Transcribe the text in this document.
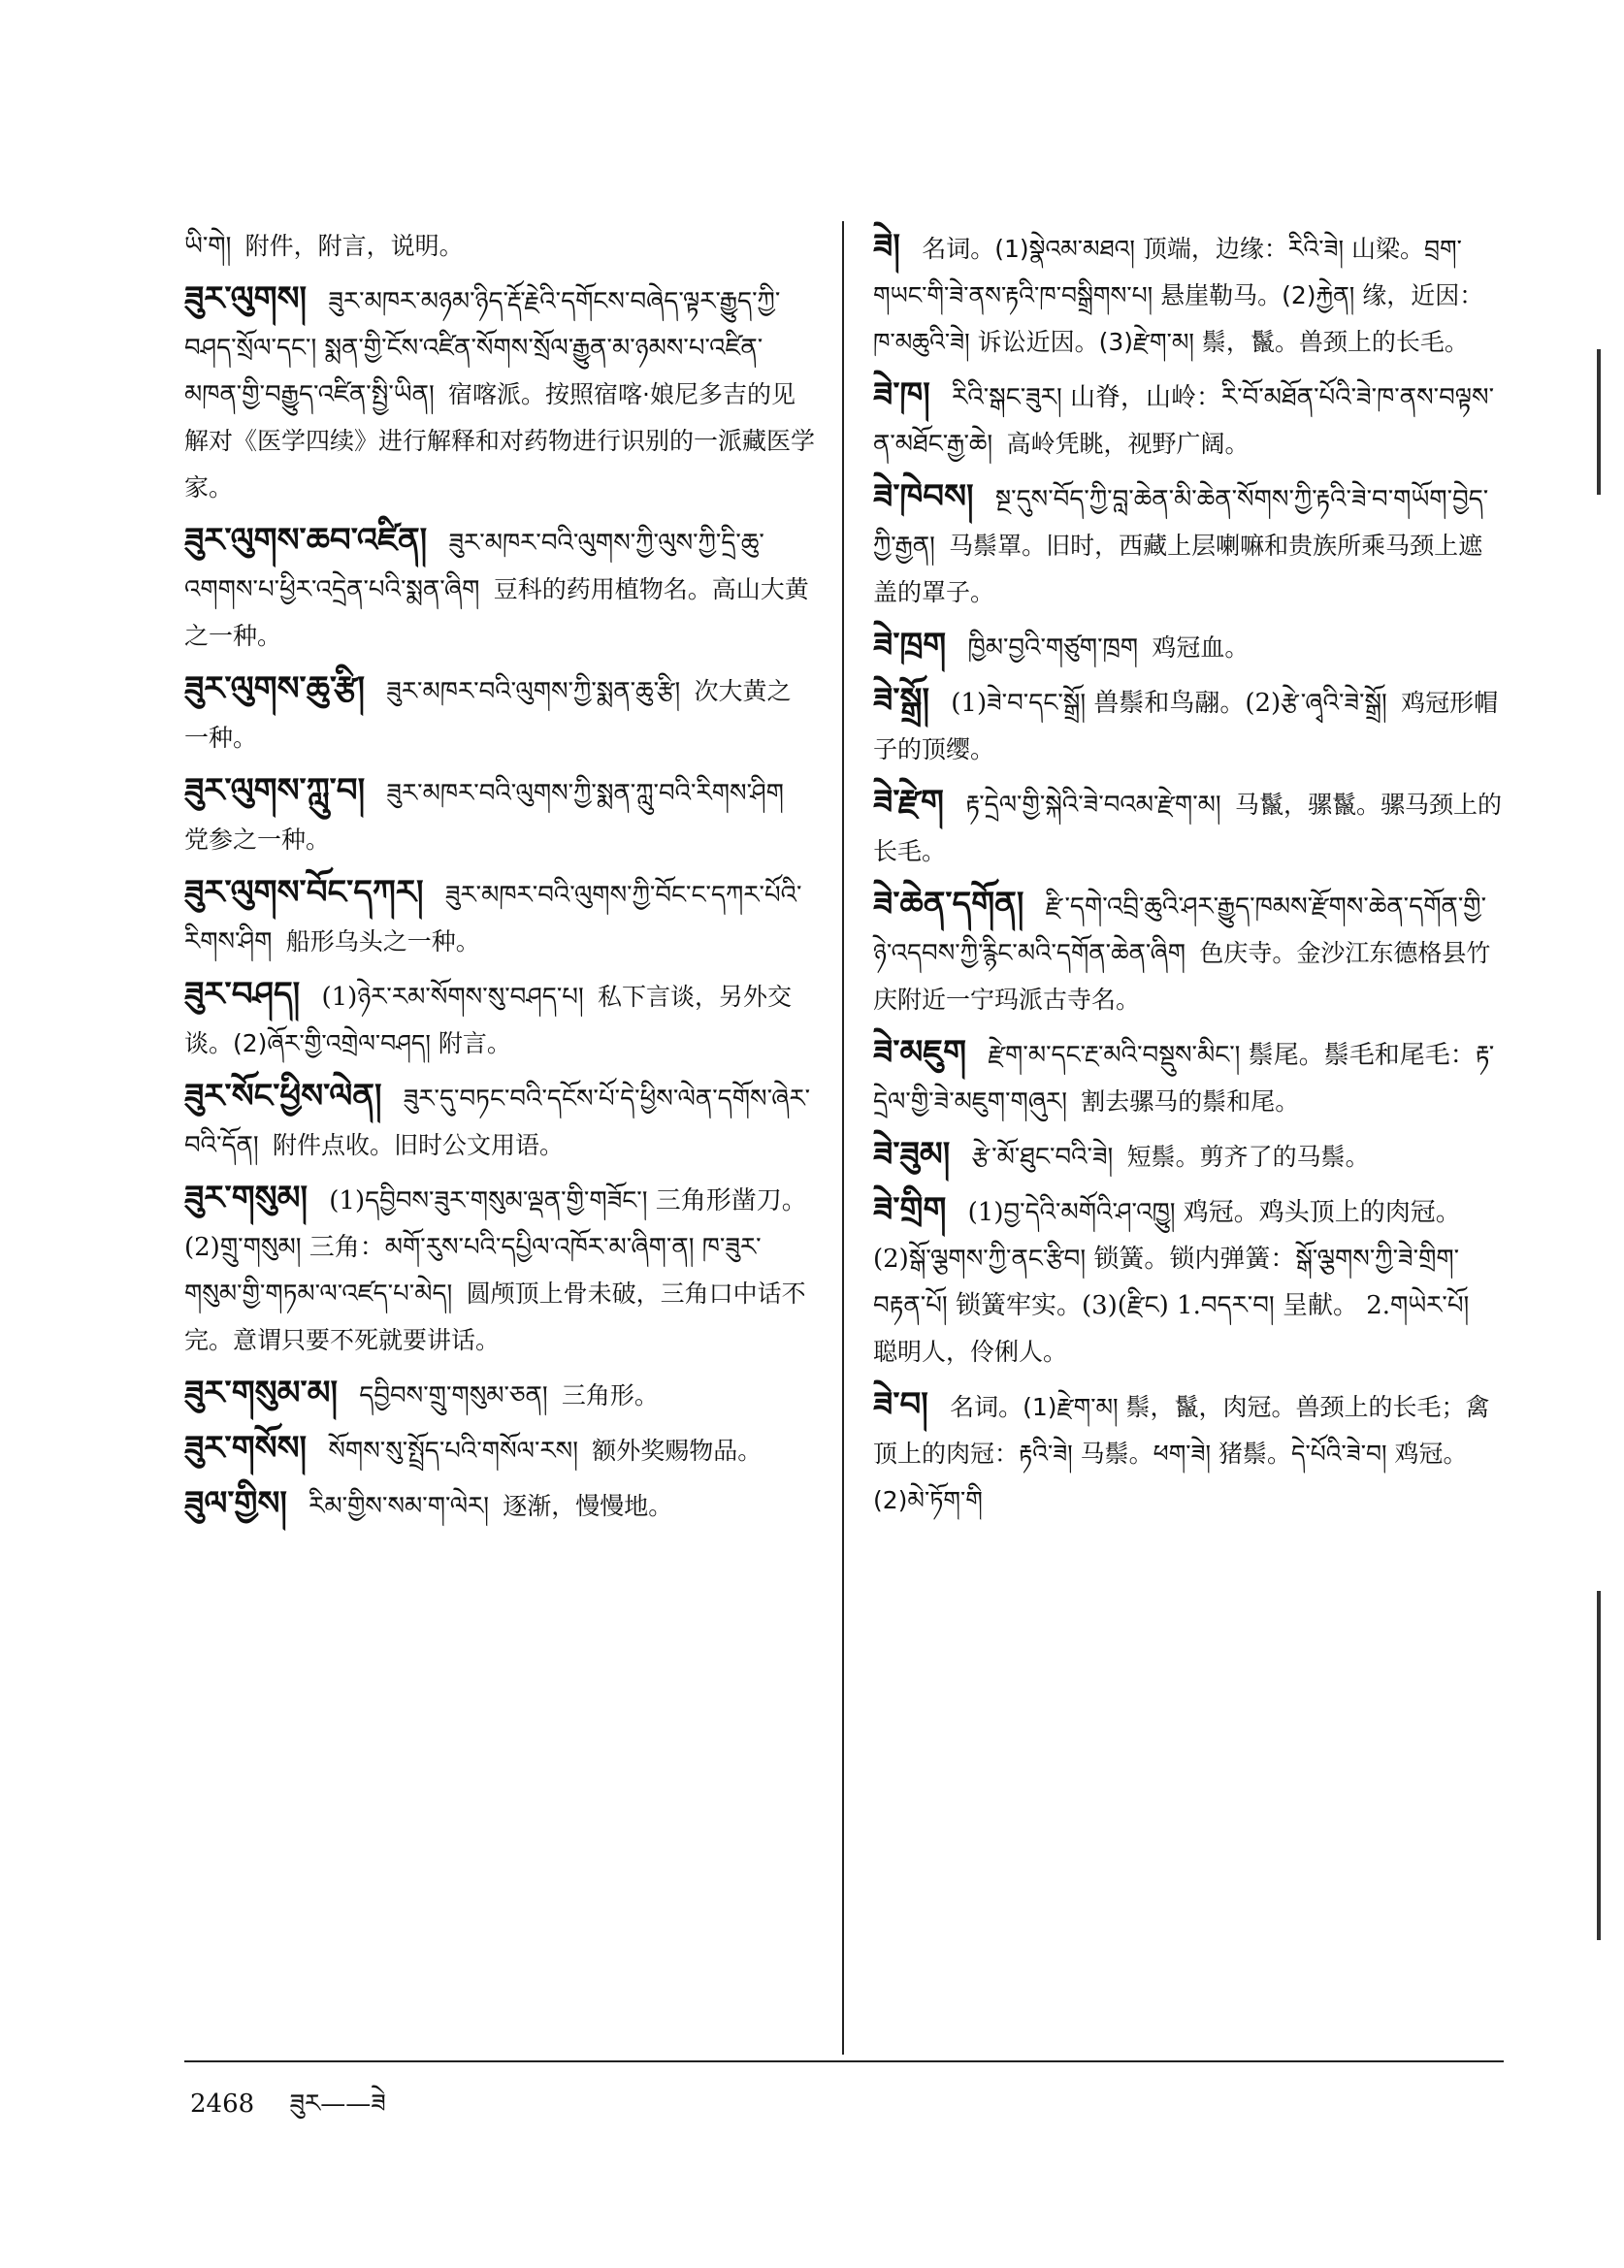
ཡི་གེ། 附件，附言，说明。
ཟུར་ལུགས། ཟུར་མཁར་མཉམ་ཉིད་རྡོ་རྗེའི་དགོངས་བཞེད་ལྟར་རྒྱུད་ཀྱི་བཤད་སྲོལ་དང་། སྨན་གྱི་ངོས་འཛིན་སོགས་སྲོལ་རྒྱུན་མ་ཉམས་པ་འཛིན་མཁན་གྱི་བརྒྱུད་འཛིན་སྤྱི་ཡིན། 宿喀派。按照宿喀·娘尼多吉的见解对《医学四续》进行解释和对药物进行识别的一派藏医学家。
ཟུར་ལུགས་ཆབ་འཛིན། ཟུར་མཁར་བའི་ལུགས་ཀྱི་ལུས་ཀྱི་དྲི་ཆུ་འགགས་པ་ཕྱིར་འདྲེན་པའི་སྨན་ཞིག 豆科的药用植物名。高山大黄之一种。
ཟུར་ལུགས་ཆུ་རྩི། ཟུར་མཁར་བའི་ལུགས་ཀྱི་སྨན་ཆུ་རྩི། 次大黄之一种。
ཟུར་ལུགས་ཀླུ་བ། ཟུར་མཁར་བའི་ལུགས་ཀྱི་སྨན་ཀླུ་བའི་རིགས་ཤིག 党参之一种。
ཟུར་ལུགས་བོང་དཀར། ཟུར་མཁར་བའི་ལུགས་ཀྱི་བོང་ང་དཀར་པོའི་རིགས་ཤིག 船形乌头之一种。
ཟུར་བཤད། (1)ཉེར་རམ་སོགས་སུ་བཤད་པ། 私下言谈，另外交谈。(2)ཞོར་གྱི་འགྲེལ་བཤད། 附言。
ཟུར་སོང་ཕྱིས་ལེན། ཟུར་དུ་བཏང་བའི་དངོས་པོ་དེ་ཕྱིས་ལེན་དགོས་ཞེར་བའི་དོན། 附件点收。旧时公文用语。
ཟུར་གསུམ། (1)དབྱིབས་ཟུར་གསུམ་ལྡན་གྱི་གཟོང་། 三角形凿刀。(2)གྲུ་གསུམ། 三角：མགོ་རུས་པའི་དཔྱིལ་འཁོར་མ་ཞིག་ན། ཁ་ཟུར་གསུམ་གྱི་གཏམ་ལ་འཛད་པ་མེད། 圆颅顶上骨未破，三角口中话不完。意谓只要不死就要讲话。
ཟུར་གསུམ་མ། དབྱིབས་གྲུ་གསུམ་ཅན། 三角形。
ཟུར་གསོས། སོགས་སུ་སྤྲོད་པའི་གསོལ་རས། 额外奖赐物品。
ཟུལ་གྱིས། རིམ་གྱིས་སམ་ག་ལེར། 逐渐，慢慢地。
ཟེ། 名词。(1)སྣེའམ་མཐའ། 顶端，边缘：རིའི་ཟེ། 山梁。བྲག་གཡང་གི་ཟེ་ནས་རྟའི་ཁ་བསྒྲིགས་པ། 悬崖勒马。(2)རྐྱེན། 缘，近因：ཁ་མཆུའི་ཟེ། 诉讼近因。(3)རྫེག་མ། 鬃，鬣。兽颈上的长毛。
ཟེ་ཁ། རིའི་སྒང་ཟུར། 山脊，山岭：རི་བོ་མཐོན་པོའི་ཟེ་ཁ་ནས་བལྟས་ན་མཐོང་རྒྱ་ཆེ། 高岭凭眺，视野广阔。
ཟེ་ཁེབས། སྔ་དུས་བོད་ཀྱི་བླ་ཆེན་མི་ཆེན་སོགས་ཀྱི་རྟའི་ཟེ་བ་གཡོག་བྱེད་ཀྱི་རྒྱན། 马鬃罩。旧时，西藏上层喇嘛和贵族所乘马颈上遮盖的罩子。
ཟེ་ཁྲག ཁྱིམ་བྱའི་གཙུག་ཁྲག 鸡冠血。
ཟེ་སྒྲོ། (1)ཟེ་བ་དང་སྒྲོ། 兽鬃和鸟翮。(2)རྩེ་ཞྭའི་ཟེ་སྒྲོ། 鸡冠形帽子的顶缨。
ཟེ་རྫེག རྟ་དྲེལ་གྱི་སྐེའི་ཟེ་བའམ་རྫེག་མ། 马鬣，骡鬣。骡马颈上的长毛。
ཟེ་ཆེན་དགོན། རྫི་དགེ་འབྲི་ཆུའི་ཤར་རྒྱུད་ཁམས་རྫོགས་ཆེན་དགོན་གྱི་ཉེ་འདབས་ཀྱི་རྙིང་མའི་དགོན་ཆེན་ཞིག 色庆寺。金沙江东德格县竹庆附近一宁玛派古寺名。
ཟེ་མཇུག རྫེག་མ་དང་རྔ་མའི་བསྡུས་མིང་། 鬃尾。鬃毛和尾毛：རྟ་དྲེལ་གྱི་ཟེ་མཇུག་གཞུར། 割去骡马的鬃和尾。
ཟེ་ཟུམ། རྩེ་མོ་ཐུང་བའི་ཟེ། 短鬃。剪齐了的马鬃。
ཟེ་གྲིག (1)བྱ་དེའི་མགོའི་ཤ་འཁྱུ། 鸡冠。鸡头顶上的肉冠。(2)སྒོ་ལྕགས་ཀྱི་ནང་རྩིབ། 锁簧。锁内弹簧：སྒོ་ལྕགས་ཀྱི་ཟེ་གྲིག་བརྟན་པོ། 锁簧牢实。(3)(རྫིང) 1.བདར་བ། 呈献。 2.གཡེར་པོ། 聪明人，伶俐人。
ཟེ་བ། 名词。(1)རྫེག་མ། 鬃，鬣，肉冠。兽颈上的长毛；禽顶上的肉冠：རྟའི་ཟེ། 马鬃。ཕག་ཟེ། 猪鬃。དེ་པོའི་ཟེ་བ། 鸡冠。(2)མེ་ཏོག་གི
2468 ཟུར——ཟེ
